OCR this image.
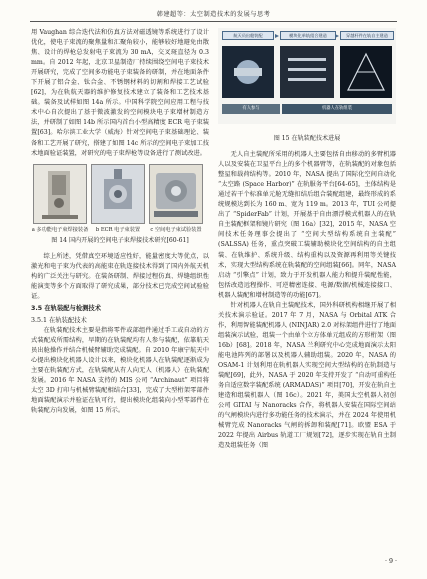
韩建超等：太空制造技术的发展与思考

用 Vaughan 综合迭代法和仿真方法对磁透镜等系统进行了设计优化，使电子束流的聚焦量和汇聚角较小，能够较好地避免由散焦、设计的焊枪总发射电子束流为 30 mA，交叉斑直径为 0.3 mm。自 2012 年起，北京卫星制造厂持续围绕空间电子束技术开展研究，完成了空间多功能电子束装备的研制，并在地面条件下开展了铝合金、钛合金、不锈钢材料的切割和焊接工艺试验[62]，为在轨航天器的维护修复技术建立了装备和工艺技术基础。装备及试样如图 14a 所示。中国科学院空间应用工程与技术中心自次提出了基于微波激发的空间模块电子束增材制造方法，并研制了如图 14b 所示国内首台小型高精度 ECR 电子束装置[63]。哈尔滨工业大学（威海）针对空间电子束基础理论、装备和工艺开展了研究，搭建了如图 14c 所示的空间电子束加工技术地面验证装置，对研究的电子束焊枪等设备进行了测试改进。

a 多功能电子束焊接装备	b ECR 电子束装置	c 空间电子束试验装置
图 14 国内开展的空间电子束焊接技术研究[60-61]

综上所述，凭借真空环境适应性好，能量密度大等优点，以激光和电子束为代表的高能束在轨连接技术得到了国内外航天机构的广泛关注与研究。在装备研制、焊接过程仿真、焊缝组织性能演变等多个方面取得了研究成果，部分技术已完成空间试验验证。

3.5 在轨装配与检测技术
3.5.1 在轨装配技术

在轨装配技术主要是指将零件或部组件通过手工或自动的方式装配成所需结构，早期的在轨装配均有人参与装配，依靠航天员出舱操作并结合机械臂辅助完成装配。自 2010 年康宁航天中心提出模块化机器人设计以来，模块化机器人在轨装配逐渐成为主要在轨装配方式，在轨装配从有人向无人（机器人）在轨装配发展。2016 年 NASA 支持的 MIS 公司 “Archinaut” 项目将太空 3D 打印与机械臂装配相结合[33]，完成了大型桁架零部件地面装配演示并验证在轨可行，提出模块化组装向小型零部件在轨装配方向发展，如图 15 所示。

航天员出舱装配	模块化单轨组合建造	穿越杆件在轨自主建造
有人参与	机器人在轨组装
图 15 在轨装配技术进展

无人自主装配所采用的机器人主要包括自由移动的多臂机器人以及安装在卫星平台上的多个机器臂等，在轨装配的对象包括整星和载荷结构等。2010 年，NASA 提出了国际化空间自动化 “太空路 (Space Harbor)” 在轨服务平台[64-65]，主体结构是通过若干个标准单元舱无缝扣结后组合装配组建，最终形成的系统规模达到长为 160 m、宽为 119 m。2013 年，TUI 公司提出了 “SpiderFab” 计划，开展基于自由漂浮模式机器人的在轨自主装配框架和镜片研究（图 16a）[32]，2015 年，NASA 空间技术任务理事会提出了 “空间大型结构系统自主装配” (SALSSA) 任务，重点突破工装辅助模块化空间结构的自主组装、在轨维护、系统升级、结构重构以及资源再利用等关键技术，实现大型结构系统在轨装配的空间组装[66]。同年，NASA 启动 “引擎点” 计划，致力于开发机器人能力和提升装配性能，包括改造远程操作、可逆精密连接、电源/数据/机械连接接口、机器人装配和增材制造等的功能[67]。

针对机器人在轨自主装配技术，国外科研机构相继开展了相关技术演示验证。2017 年 7 月，NASA 与 Orbital ATK 合作，利用智能装配机器人 (NINJAR) 2.0 对标架组件进行了地面组装演示试验，组装一个由单个立方体单元组成的方形桁架（图 16b）[68]。2018 年，NASA 兰利研究中心完成地面演示太阳能电池阵列的部署以及机器人辅助组装。2020 年，NASA 的 OSAM-1 计划利用在轨机器人实现空间大型结构的在轨制造与装配[69]，此外，NASA 于 2020 年支持开发了 “自动可重构任务自适应数字装配系统 (ARMADAS)” 项目[70]，开发在轨自主建造和组装机器人（图 16c）。2021 年，美国太空机器人初创公司 GITAI 与 Nanoracks 合作，将机器人安装在国际空间站的气闸模块内进行多功能任务的技术演示，并在 2024 年使用机械臂完成 Nanoracks 气闸的拆卸和装配[71]。欧盟 ESA 于 2022 年提出 Airbus 轨道工厂规划[72]，逐步实现在轨自主制造及组装任务（图

· 9 ·
